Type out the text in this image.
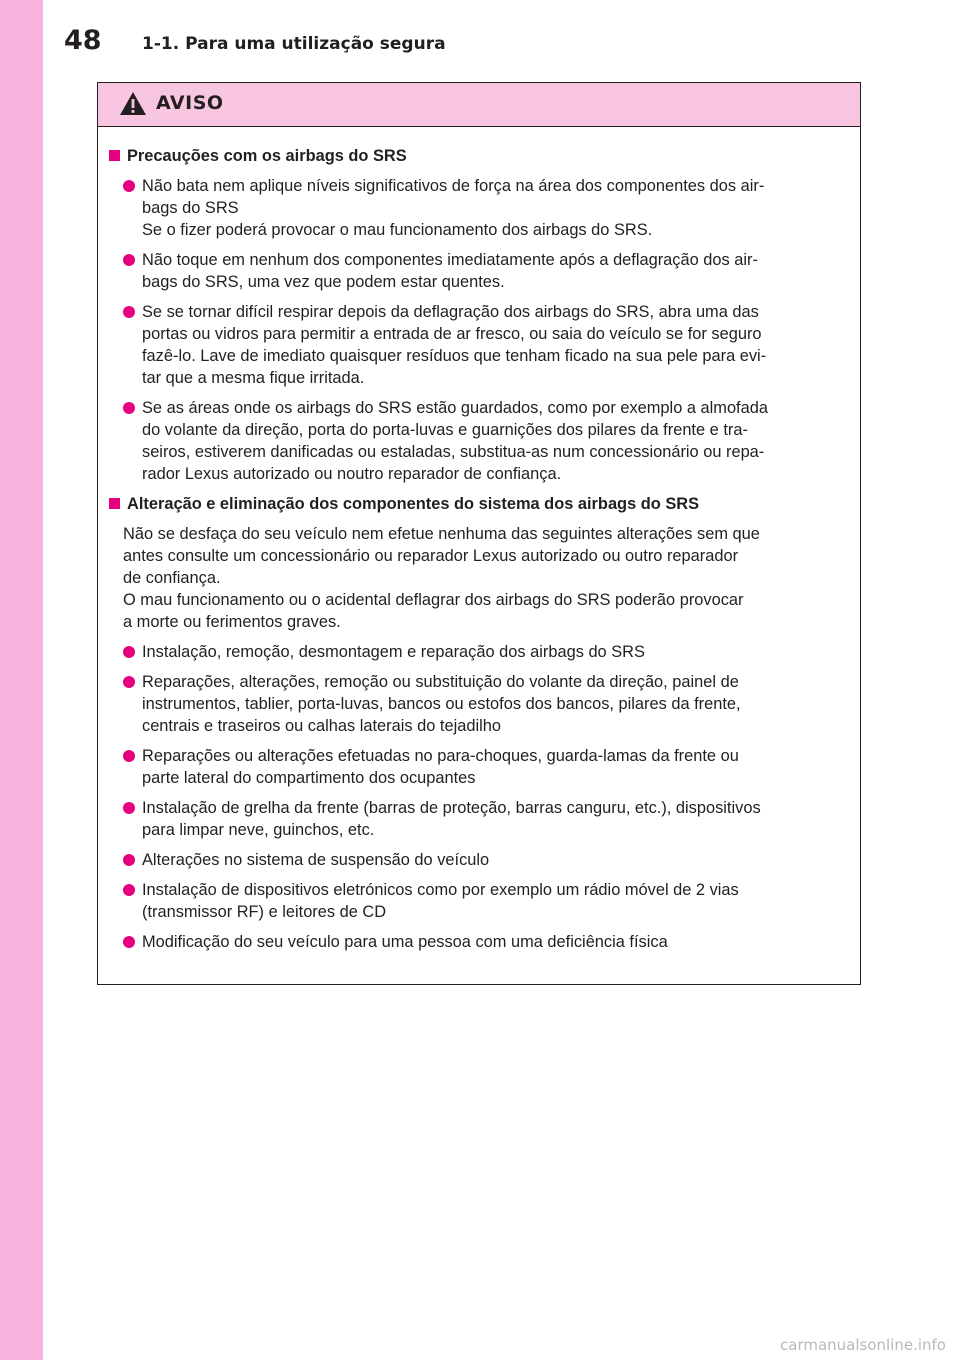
48 1-1. Para uma utilização segura
AVISO
Precauções com os airbags do SRS
Não bata nem aplique níveis significativos de força na área dos componentes dos air-
bags do SRS
Se o fizer poderá provocar o mau funcionamento dos airbags do SRS.
Não toque em nenhum dos componentes imediatamente após a deflagração dos air-
bags do SRS, uma vez que podem estar quentes.
Se se tornar difícil respirar depois da deflagração dos airbags do SRS, abra uma das
portas ou vidros para permitir a entrada de ar fresco, ou saia do veículo se for seguro
fazê-lo. Lave de imediato quaisquer resíduos que tenham ficado na sua pele para evi-
tar que a mesma fique irritada.
Se as áreas onde os airbags do SRS estão guardados, como por exemplo a almofada
do volante da direção, porta do porta-luvas e guarnições dos pilares da frente e tra-
seiros, estiverem danificadas ou estaladas, substitua-as num concessionário ou repa-
rador Lexus autorizado ou noutro reparador de confiança.
Alteração e eliminação dos componentes do sistema dos airbags do SRS
Não se desfaça do seu veículo nem efetue nenhuma das seguintes alterações sem que
antes consulte um concessionário ou reparador Lexus autorizado ou outro reparador
de confiança.
O mau funcionamento ou o acidental deflagrar dos airbags do SRS poderão provocar
a morte ou ferimentos graves.
Instalação, remoção, desmontagem e reparação dos airbags do SRS
Reparações, alterações, remoção ou substituição do volante da direção, painel de
instrumentos, tablier, porta-luvas, bancos ou estofos dos bancos, pilares da frente,
centrais e traseiros ou calhas laterais do tejadilho
Reparações ou alterações efetuadas no para-choques, guarda-lamas da frente ou
parte lateral do compartimento dos ocupantes
Instalação de grelha da frente (barras de proteção, barras canguru, etc.), dispositivos
para limpar neve, guinchos, etc.
Alterações no sistema de suspensão do veículo
Instalação de dispositivos eletrónicos como por exemplo um rádio móvel de 2 vias
(transmissor RF) e leitores de CD
Modificação do seu veículo para uma pessoa com uma deficiência física
carmanualsonline.info
